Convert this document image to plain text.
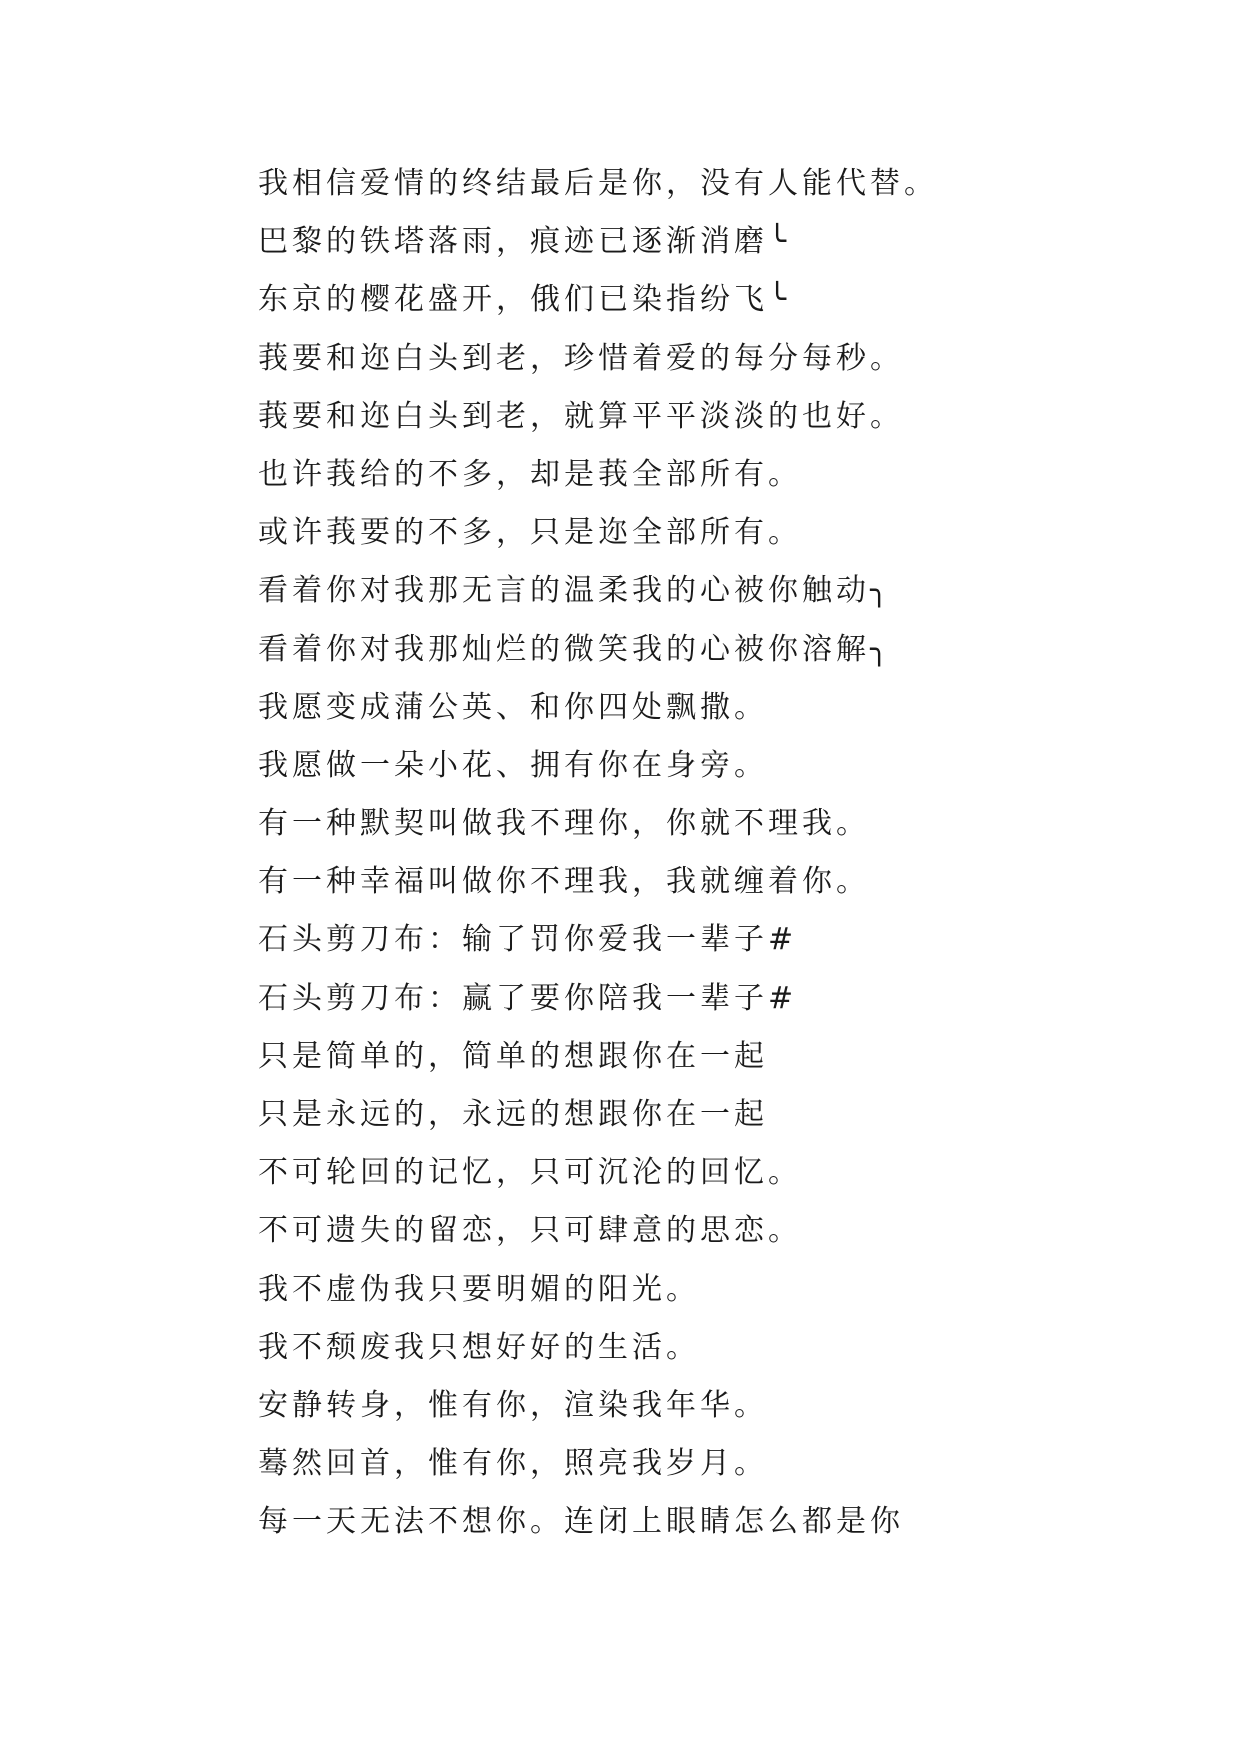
我相信爱情的终结最后是你，没有人能代替。
巴黎的铁塔落雨，痕迹已逐渐消磨╰
东京的樱花盛开，俄们已染指纷飞╰
莪要和迩白头到老，珍惜着爱的每分每秒。
莪要和迩白头到老，就算平平淡淡的也好。
也许莪给的不多，却是莪全部所有。
或许莪要的不多，只是迩全部所有。
看着你对我那无言的温柔我的心被你触动╮
看着你对我那灿烂的微笑我的心被你溶解╮
我愿变成蒲公英、和你四处飘撒。
我愿做一朵小花、拥有你在身旁。
有一种默契叫做我不理你，你就不理我。
有一种幸福叫做你不理我，我就缠着你。
石头剪刀布：输了罚你爱我一辈子#
石头剪刀布：赢了要你陪我一辈子#
只是简单的，简单的想跟你在一起
只是永远的，永远的想跟你在一起
不可轮回的记忆，只可沉沦的回忆。
不可遗失的留恋，只可肆意的思恋。
我不虚伪我只要明媚的阳光。
我不颓废我只想好好的生活。
安静转身，惟有你，渲染我年华。
蓦然回首，惟有你，照亮我岁月。
每一天无法不想你。连闭上眼睛怎么都是你
